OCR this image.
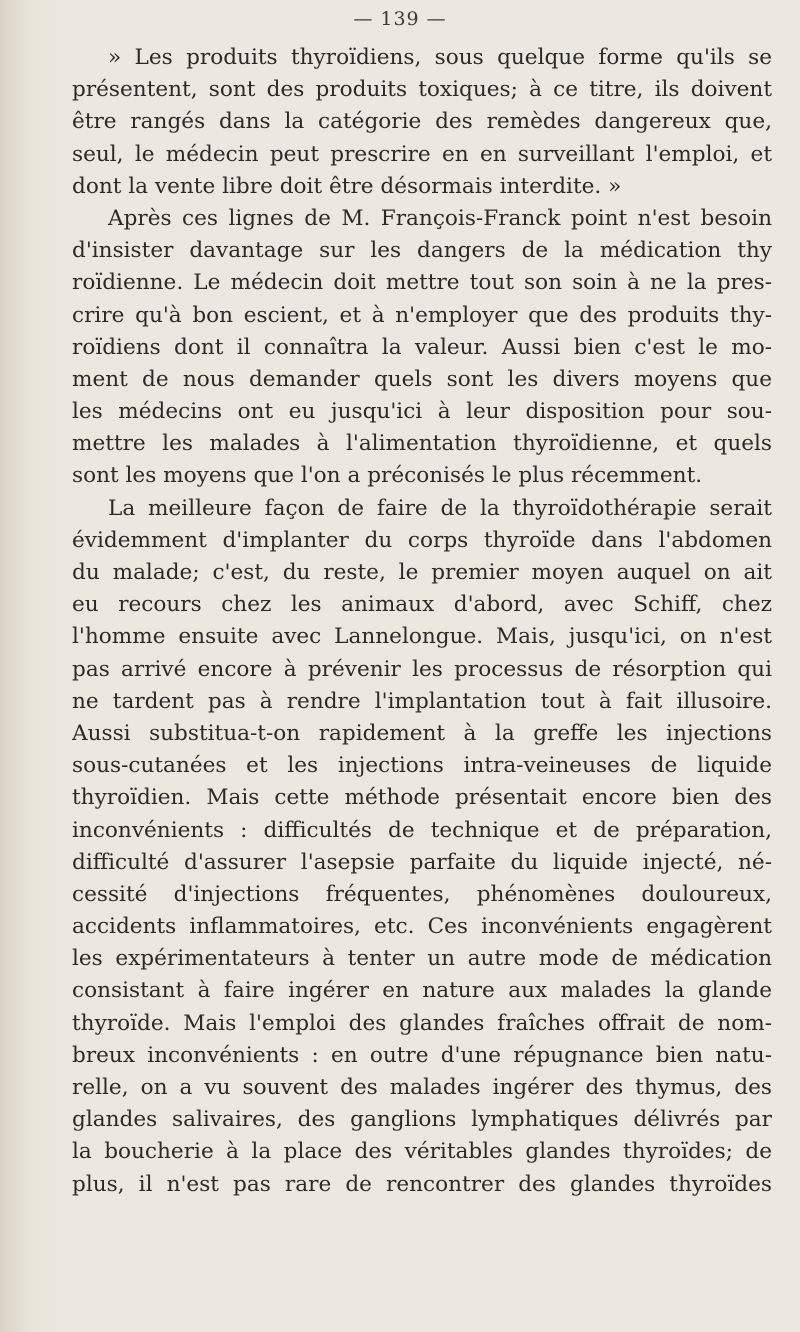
— 139 —
» Les produits thyroïdiens, sous quelque forme qu'ils se
présentent, sont des produits toxiques; à ce titre, ils doivent
être rangés dans la catégorie des remèdes dangereux que,
seul, le médecin peut prescrire en en surveillant l'emploi, et
dont la vente libre doit être désormais interdite. »
Après ces lignes de M. François-Franck point n'est besoin
d'insister davantage sur les dangers de la médication thy
roïdienne. Le médecin doit mettre tout son soin à ne la pres-
crire qu'à bon escient, et à n'employer que des produits thy-
roïdiens dont il connaîtra la valeur. Aussi bien c'est le mo-
ment de nous demander quels sont les divers moyens que
les médecins ont eu jusqu'ici à leur disposition pour sou-
mettre les malades à l'alimentation thyroïdienne, et quels
sont les moyens que l'on a préconisés le plus récemment.
La meilleure façon de faire de la thyroïdothérapie serait
évidemment d'implanter du corps thyroïde dans l'abdomen
du malade; c'est, du reste, le premier moyen auquel on ait
eu recours chez les animaux d'abord, avec Schiff, chez
l'homme ensuite avec Lannelongue. Mais, jusqu'ici, on n'est
pas arrivé encore à prévenir les processus de résorption qui
ne tardent pas à rendre l'implantation tout à fait illusoire.
Aussi substitua-t-on rapidement à la greffe les injections
sous-cutanées et les injections intra-veineuses de liquide
thyroïdien. Mais cette méthode présentait encore bien des
inconvénients : difficultés de technique et de préparation,
difficulté d'assurer l'asepsie parfaite du liquide injecté, né-
cessité d'injections fréquentes, phénomènes douloureux,
accidents inflammatoires, etc. Ces inconvénients engagèrent
les expérimentateurs à tenter un autre mode de médication
consistant à faire ingérer en nature aux malades la glande
thyroïde. Mais l'emploi des glandes fraîches offrait de nom-
breux inconvénients : en outre d'une répugnance bien natu-
relle, on a vu souvent des malades ingérer des thymus, des
glandes salivaires, des ganglions lymphatiques délivrés par
la boucherie à la place des véritables glandes thyroïdes; de
plus, il n'est pas rare de rencontrer des glandes thyroïdes
